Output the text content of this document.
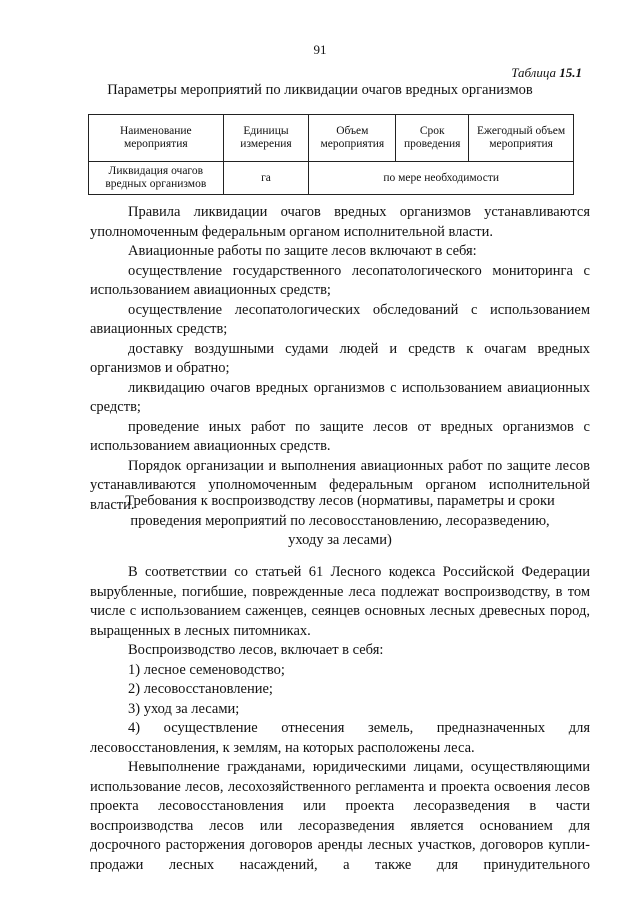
91
Таблица 15.1
Параметры мероприятий по ликвидации очагов вредных организмов
Наименование мероприятия	Единицы измерения	Объем мероприятия	Срок проведения	Ежегодный объем мероприятия
Ликвидация очагов вредных организмов	га	по мере необходимости		

Правила ликвидации очагов вредных организмов устанавливаются уполномоченным федеральным органом исполнительной власти.

Авиационные работы по защите лесов включают в себя:

осуществление государственного лесопатологического мониторинга с использованием авиационных средств;

осуществление лесопатологических обследований с использованием авиационных средств;

доставку воздушными судами людей и средств к очагам вредных организмов и обратно;

ликвидацию очагов вредных организмов с использованием авиационных средств;

проведение иных работ по защите лесов от вредных организмов с использованием авиационных средств.

Порядок организации и выполнения авиационных работ по защите лесов устанавливаются уполномоченным федеральным органом исполнительной власти.

Требования к воспроизводству лесов (нормативы, параметры и сроки
проведения мероприятий по лесовосстановлению, лесоразведению,
уходу за лесами)

В соответствии со статьей 61 Лесного кодекса Российской Федерации вырубленные, погибшие, поврежденные леса подлежат воспроизводству, в том числе с использованием саженцев, сеянцев основных лесных древесных пород, выращенных в лесных питомниках.

Воспроизводство лесов, включает в себя:

1) лесное семеноводство;

2) лесовосстановление;

3) уход за лесами;

4) осуществление отнесения земель, предназначенных для лесовосстановления, к землям, на которых расположены леса.

Невыполнение гражданами, юридическими лицами, осуществляющими использование лесов, лесохозяйственного регламента и проекта освоения лесов проекта лесовосстановления или проекта лесоразведения в части воспроизводства лесов или лесоразведения является основанием для досрочного расторжения договоров аренды лесных участков, договоров купли-продажи лесных насаждений, а также для принудительного
